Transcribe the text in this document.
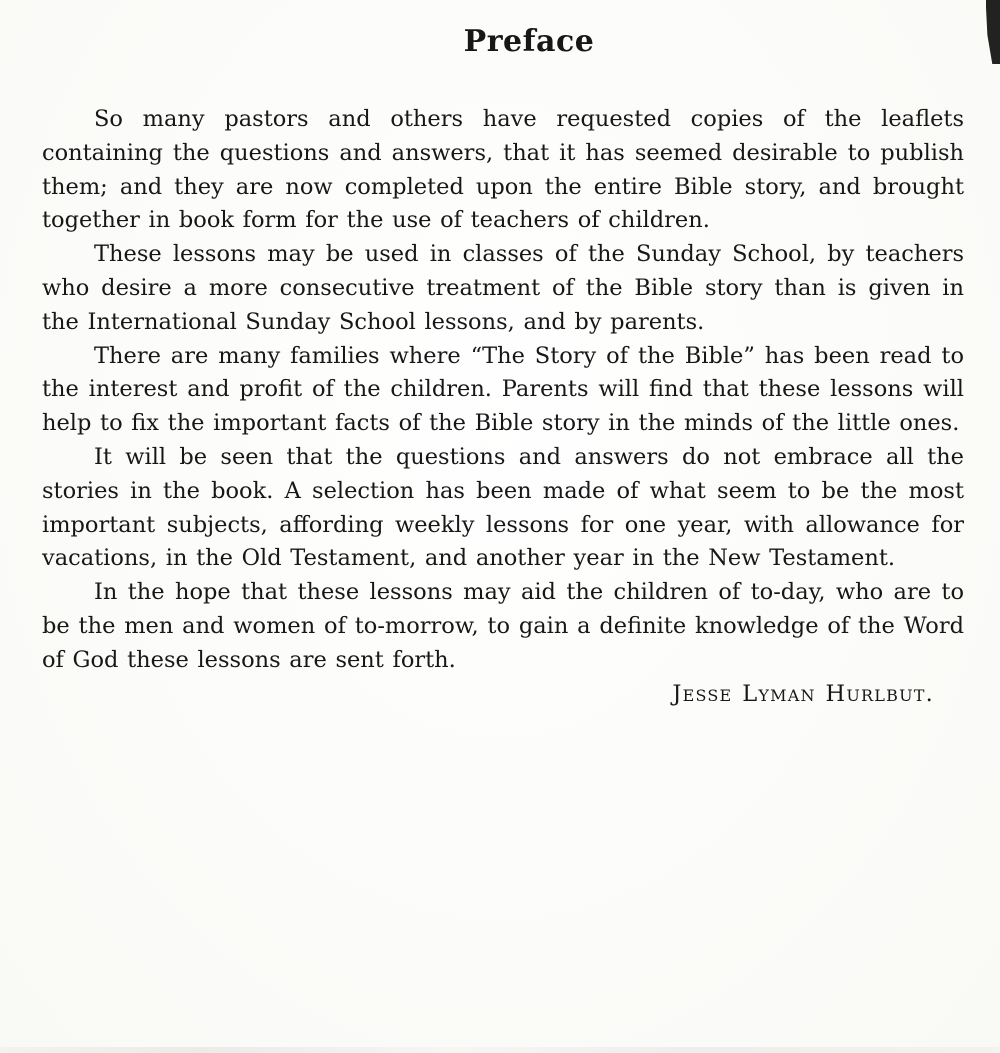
Preface

So many pastors and others have requested copies of the leaflets containing the questions and answers, that it has seemed desirable to publish them; and they are now completed upon the entire Bible story, and brought together in book form for the use of teachers of children.

These lessons may be used in classes of the Sunday School, by teachers who desire a more consecutive treatment of the Bible story than is given in the International Sunday School lessons, and by parents.

There are many families where “The Story of the Bible” has been read to the interest and profit of the children. Parents will find that these lessons will help to fix the important facts of the Bible story in the minds of the little ones.

It will be seen that the questions and answers do not embrace all the stories in the book. A selection has been made of what seem to be the most important subjects, affording weekly lessons for one year, with allowance for vacations, in the Old Testament, and another year in the New Testament.

In the hope that these lessons may aid the children of to-day, who are to be the men and women of to-morrow, to gain a definite knowledge of the Word of God these lessons are sent forth.

Jesse Lyman Hurlbut.
